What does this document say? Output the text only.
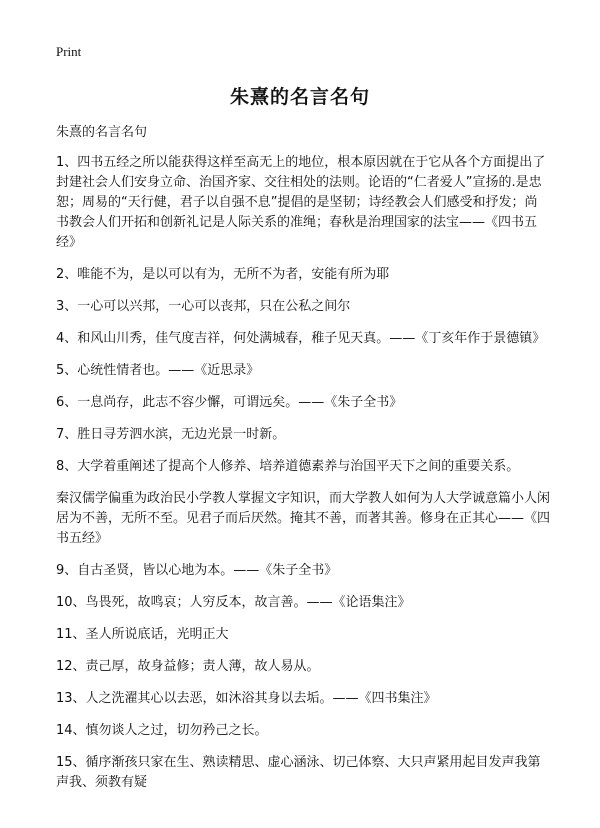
Print
朱熹的名言名句
朱熹的名言名句

1、四书五经之所以能获得这样至高无上的地位，根本原因就在于它从各个方面提出了封建社会人们安身立命、治国齐家、交往相处的法则。论语的“仁者爱人”宣扬的.是忠恕；周易的“天行健，君子以自强不息”提倡的是坚韧；诗经教会人们感受和抒发；尚书教会人们开拓和创新礼记是人际关系的准绳；春秋是治理国家的法宝——《四书五经》

2、唯能不为，是以可以有为，无所不为者，安能有所为耶

3、一心可以兴邦，一心可以丧邦，只在公私之间尔

4、和风山川秀，佳气度吉祥，何处满城春，稚子见天真。——《丁亥年作于景德镇》

5、心统性情者也。——《近思录》

6、一息尚存，此志不容少懈，可谓远矣。——《朱子全书》

7、胜日寻芳泗水滨，无边光景一时新。

8、大学着重阐述了提高个人修养、培养道德素养与治国平天下之间的重要关系。

秦汉儒学偏重为政治民小学教人掌握文字知识，而大学教人如何为人大学诚意篇小人闲居为不善，无所不至。见君子而后厌然。掩其不善，而著其善。修身在正其心——《四书五经》

9、自古圣贤，皆以心地为本。——《朱子全书》

10、鸟畏死，故鸣哀；人穷反本，故言善。——《论语集注》

11、圣人所说底话，光明正大

12、责己厚，故身益修；责人薄，故人易从。

13、人之洗濯其心以去恶，如沐浴其身以去垢。——《四书集注》

14、慎勿谈人之过，切勿矜己之长。

15、循序渐孩只家在生、熟读精思、虚心涵泳、切己体察、大只声紧用起目发声我第声我、须教有疑
